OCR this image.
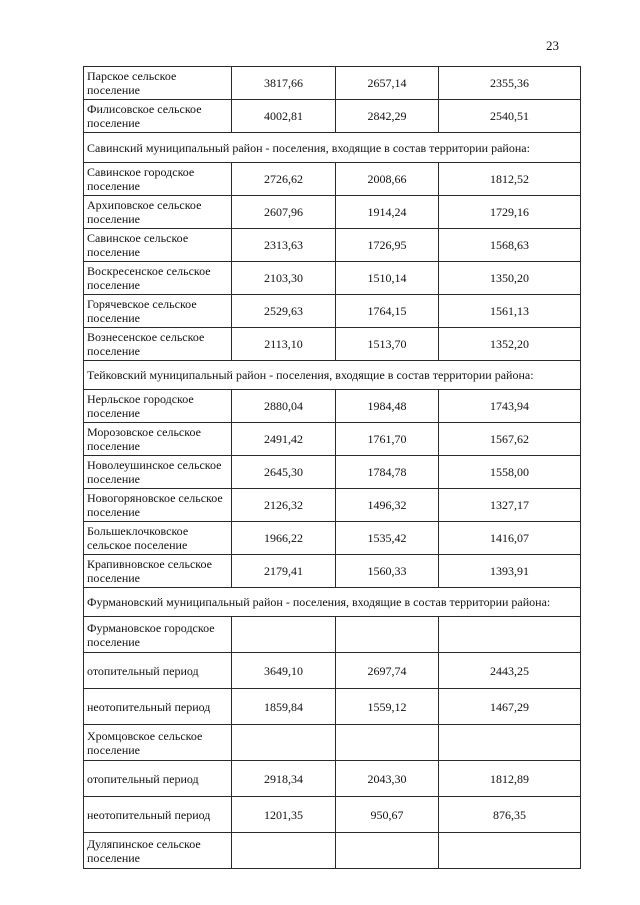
23
Парское сельское поселение	3817,66	2657,14	2355,36
Филисовское сельское поселение	4002,81	2842,29	2540,51
Савинский муниципальный район - поселения, входящие в состав территории района:			
Савинское городское поселение	2726,62	2008,66	1812,52
Архиповское сельское поселение	2607,96	1914,24	1729,16
Савинское сельское поселение	2313,63	1726,95	1568,63
Воскресенское сельское поселение	2103,30	1510,14	1350,20
Горячевское сельское поселение	2529,63	1764,15	1561,13
Вознесенское сельское поселение	2113,10	1513,70	1352,20
Тейковский муниципальный район - поселения, входящие в состав территории района:			
Нерльское городское поселение	2880,04	1984,48	1743,94
Морозовское сельское поселение	2491,42	1761,70	1567,62
Новолеушинское сельское поселение	2645,30	1784,78	1558,00
Новогоряновское сельское поселение	2126,32	1496,32	1327,17
Большеклочковское сельское поселение	1966,22	1535,42	1416,07
Крапивновское сельское поселение	2179,41	1560,33	1393,91
Фурмановский муниципальный район - поселения, входящие в состав территории района:			
Фурмановское городское поселение			
отопительный период	3649,10	2697,74	2443,25
неотопительный период	1859,84	1559,12	1467,29
Хромцовское сельское поселение			
отопительный период	2918,34	2043,30	1812,89
неотопительный период	1201,35	950,67	876,35
Дуляпинское сельское поселение			
